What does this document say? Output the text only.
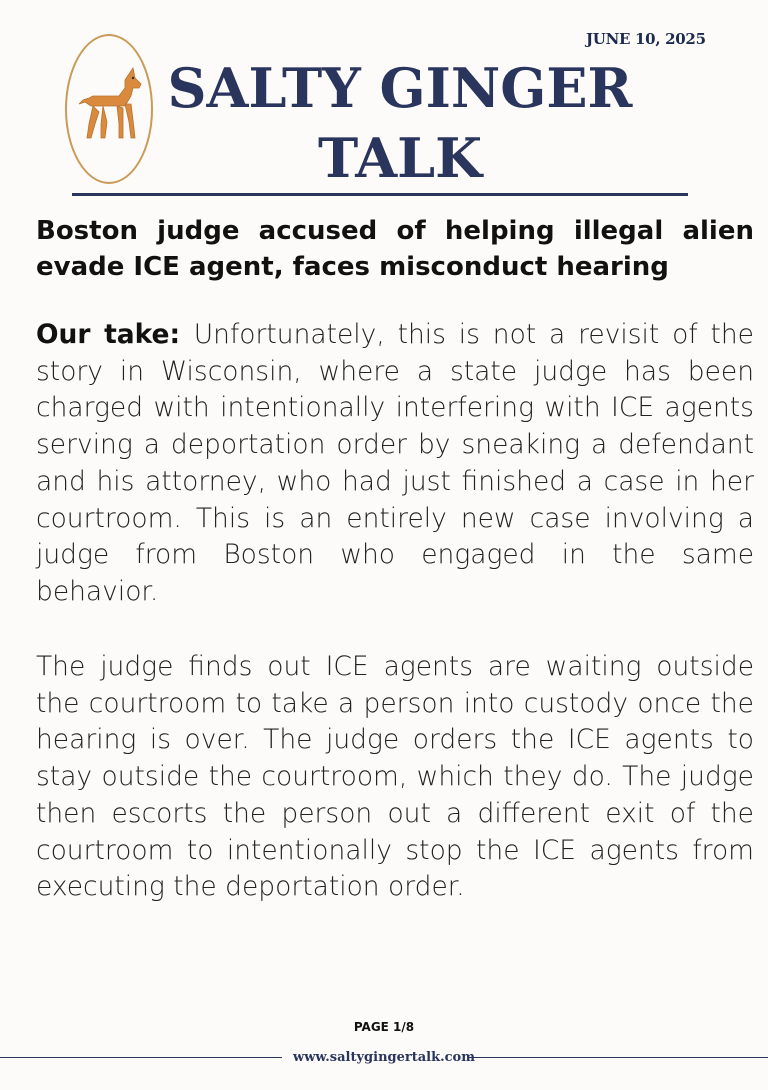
JUNE 10, 2025
SALTY GINGER
TALK
Boston judge accused of helping illegal alien evade ICE agent, faces misconduct hearing
Our take: Unfortunately, this is not a revisit of the story in Wisconsin, where a state judge has been charged with intentionally interfering with ICE agents serving a deportation order by sneaking a defendant and his attorney, who had just finished a case in her courtroom. This is an entirely new case involving a judge from Boston who engaged in the same behavior.
The judge finds out ICE agents are waiting outside the courtroom to take a person into custody once the hearing is over. The judge orders the ICE agents to stay outside the courtroom, which they do. The judge then escorts the person out a different exit of the courtroom to intentionally stop the ICE agents from executing the deportation order.
PAGE 1/8
www.saltygingertalk.com
